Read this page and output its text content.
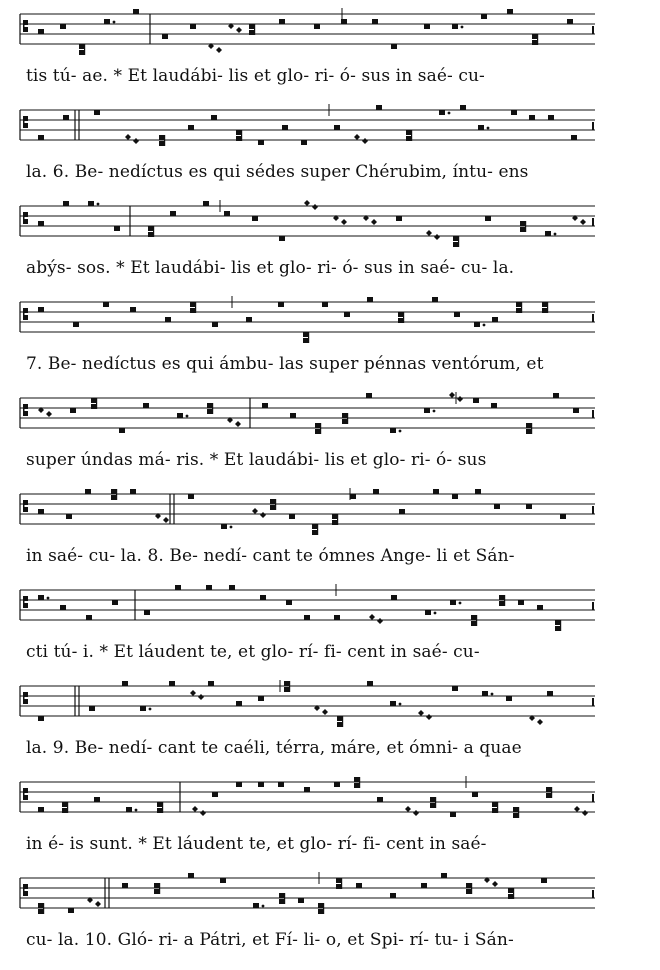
tis tú- ae. * Et laudábi- lis et glo- ri- ó- sus in saé- cu-
la. 6. Be- nedíctus es qui sédes super Chérubim, íntu- ens
abýs- sos. * Et laudábi- lis et glo- ri- ó- sus in saé- cu- la.
7. Be- nedíctus es qui ámbu- las super pénnas ventórum, et
super úndas má- ris. * Et laudábi- lis et glo- ri- ó- sus
in saé- cu- la. 8. Be- nedí- cant te ómnes Ange- li et Sán-
cti tú- i. * Et láudent te, et glo- rí- fi- cent in saé- cu-
la. 9. Be- nedí- cant te caéli, térra, máre, et ómni- a quae
in é- is sunt. * Et láudent te, et glo- rí- fi- cent in saé-
cu- la. 10. Gló- ri- a Pátri, et Fí- li- o, et Spi- rí- tu- i Sán-
